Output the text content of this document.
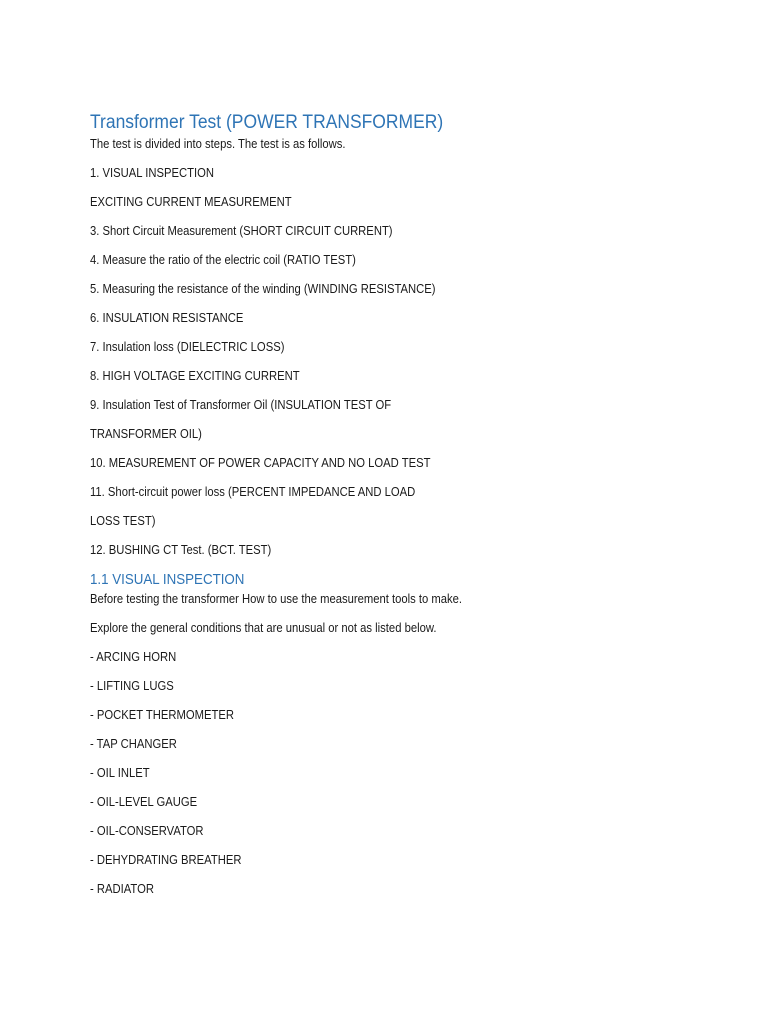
Transformer Test (POWER TRANSFORMER)

The test is divided into steps. The test is as follows.

1. VISUAL INSPECTION

EXCITING CURRENT MEASUREMENT

3. Short Circuit Measurement (SHORT CIRCUIT CURRENT)

4. Measure the ratio of the electric coil (RATIO TEST)

5. Measuring the resistance of the winding (WINDING RESISTANCE)

6. INSULATION RESISTANCE

7. Insulation loss (DIELECTRIC LOSS)

8. HIGH VOLTAGE EXCITING CURRENT

9. Insulation Test of Transformer Oil (INSULATION TEST OF

TRANSFORMER OIL)

10. MEASUREMENT OF POWER CAPACITY AND NO LOAD TEST

11. Short-circuit power loss (PERCENT IMPEDANCE AND LOAD

LOSS TEST)

12. BUSHING CT Test. (BCT. TEST)

1.1 VISUAL INSPECTION

Before testing the transformer How to use the measurement tools to make.

Explore the general conditions that are unusual or not as listed below.

- ARCING HORN

- LIFTING LUGS

- POCKET THERMOMETER

- TAP CHANGER

- OIL INLET

- OIL-LEVEL GAUGE

- OIL-CONSERVATOR

- DEHYDRATING BREATHER

- RADIATOR
